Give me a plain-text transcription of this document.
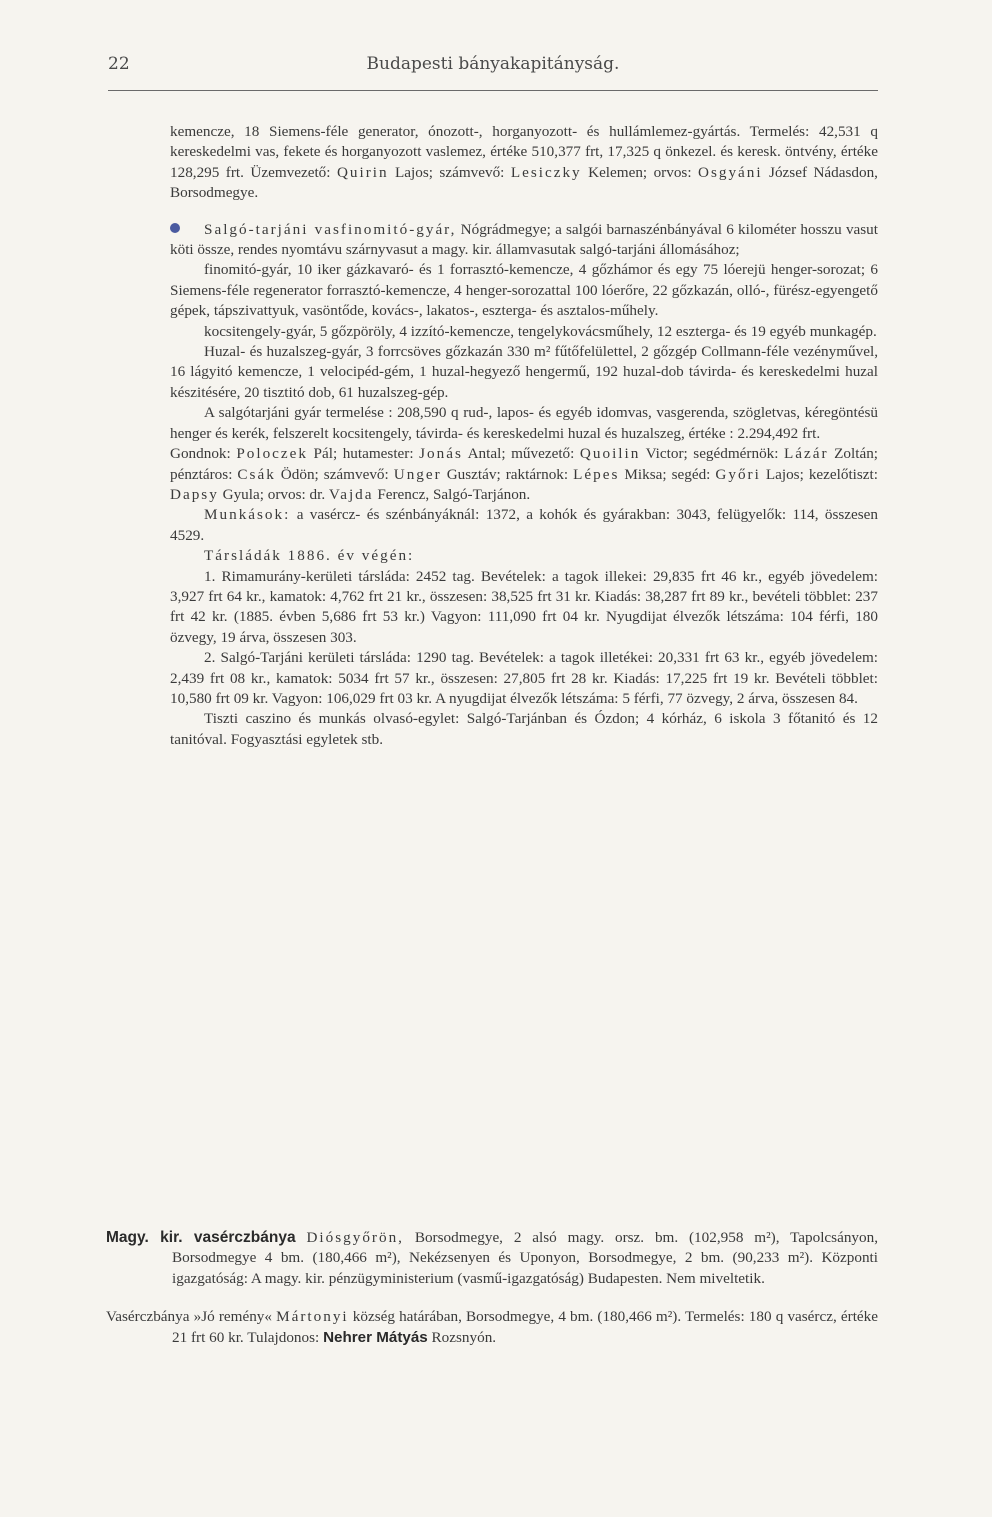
22	Budapesti bányakapitányság.

kemencze, 18 Siemens-féle generator, ónozott-, horganyozott- és hullámlemez-gyártás. Termelés: 42,531 q kereskedelmi vas, fekete és horganyozott vaslemez, értéke 510,377 frt, 17,325 q önkezel. és keresk. öntvény, értéke 128,295 frt. Üzemvezető: Quirin Lajos; számvevő: Lesiczky Kelemen; orvos: Osgyáni József Nádasdon, Borsodmegye.

Salgó-tarjáni vasfinomitó-gyár, Nógrádmegye; a salgói barnaszénbányával 6 kilométer hosszu vasut köti össze, rendes nyomtávu szárnyvasut a magy. kir. államvasutak salgó-tarjáni állomásához;

finomitó-gyár, 10 iker gázkavaró- és 1 forrasztó-kemencze, 4 gőzhámor és egy 75 lóerejü henger-sorozat; 6 Siemens-féle regenerator forrasztó-kemencze, 4 henger-sorozattal 100 lóerőre, 22 gőzkazán, olló-, fürész-egyengető gépek, tápszivattyuk, vasöntőde, kovács-, lakatos-, eszterga- és asztalos-műhely.

kocsitengely-gyár, 5 gőzpöröly, 4 izzító-kemencze, tengelykovácsműhely, 12 eszterga- és 19 egyéb munkagép.

Huzal- és huzalszeg-gyár, 3 forrcsöves gőzkazán 330 m² fűtőfelülettel, 2 gőzgép Collmann-féle vezényművel, 16 lágyitó kemencze, 1 velocipéd-gém, 1 huzal-hegyező hengermű, 192 huzal-dob távirda- és kereskedelmi huzal készitésére, 20 tisztitó dob, 61 huzalszeg-gép.

A salgótarjáni gyár termelése : 208,590 q rud-, lapos- és egyéb idomvas, vasgerenda, szögletvas, kéregöntésü henger és kerék, felszerelt kocsitengely, távirda- és kereskedelmi huzal és huzalszeg, értéke : 2.294,492 frt.

Gondnok: Poloczek Pál; hutamester: Jonás Antal; művezető: Quoilin Victor; segédmérnök: Lázár Zoltán; pénztáros: Csák Ödön; számvevő: Unger Gusztáv; raktárnok: Lépes Miksa; segéd: Győri Lajos; kezelőtiszt: Dapsy Gyula; orvos: dr. Vajda Ferencz, Salgó-Tarjánon.

Munkások: a vasércz- és szénbányáknál: 1372, a kohók és gyárakban: 3043, felügyelők: 114, összesen 4529.

Társládák 1886. év végén:

1. Rimamurány-kerületi társláda: 2452 tag. Bevételek: a tagok illekei: 29,835 frt 46 kr., egyéb jövedelem: 3,927 frt 64 kr., kamatok: 4,762 frt 21 kr., összesen: 38,525 frt 31 kr. Kiadás: 38,287 frt 89 kr., bevételi többlet: 237 frt 42 kr. (1885. évben 5,686 frt 53 kr.) Vagyon: 111,090 frt 04 kr. Nyugdijat élvezők létszáma: 104 férfi, 180 özvegy, 19 árva, összesen 303.

2. Salgó-Tarjáni kerületi társláda: 1290 tag. Bevételek: a tagok illetékei: 20,331 frt 63 kr., egyéb jövedelem: 2,439 frt 08 kr., kamatok: 5034 frt 57 kr., összesen: 27,805 frt 28 kr. Kiadás: 17,225 frt 19 kr. Bevételi többlet: 10,580 frt 09 kr. Vagyon: 106,029 frt 03 kr. A nyugdijat élvezők létszáma: 5 férfi, 77 özvegy, 2 árva, összesen 84.

Tiszti caszino és munkás olvasó-egylet: Salgó-Tarjánban és Ózdon; 4 kórház, 6 iskola 3 főtanitó és 12 tanitóval. Fogyasztási egyletek stb.

Magy. kir. vasérczbánya Diósgyőrön, Borsodmegye, 2 alsó magy. orsz. bm. (102,958 m²), Tapolcsányon, Borsodmegye 4 bm. (180,466 m²), Nekézsenyen és Uponyon, Borsodmegye, 2 bm. (90,233 m²). Központi igazgatóság: A magy. kir. pénzügyministerium (vasmű-igazgatóság) Budapesten. Nem miveltetik.

Vasérczbánya »Jó remény« Mártonyi község határában, Borsodmegye, 4 bm. (180,466 m²). Termelés: 180 q vasércz, értéke 21 frt 60 kr. Tulajdonos: Nehrer Mátyás Rozsnyón.
